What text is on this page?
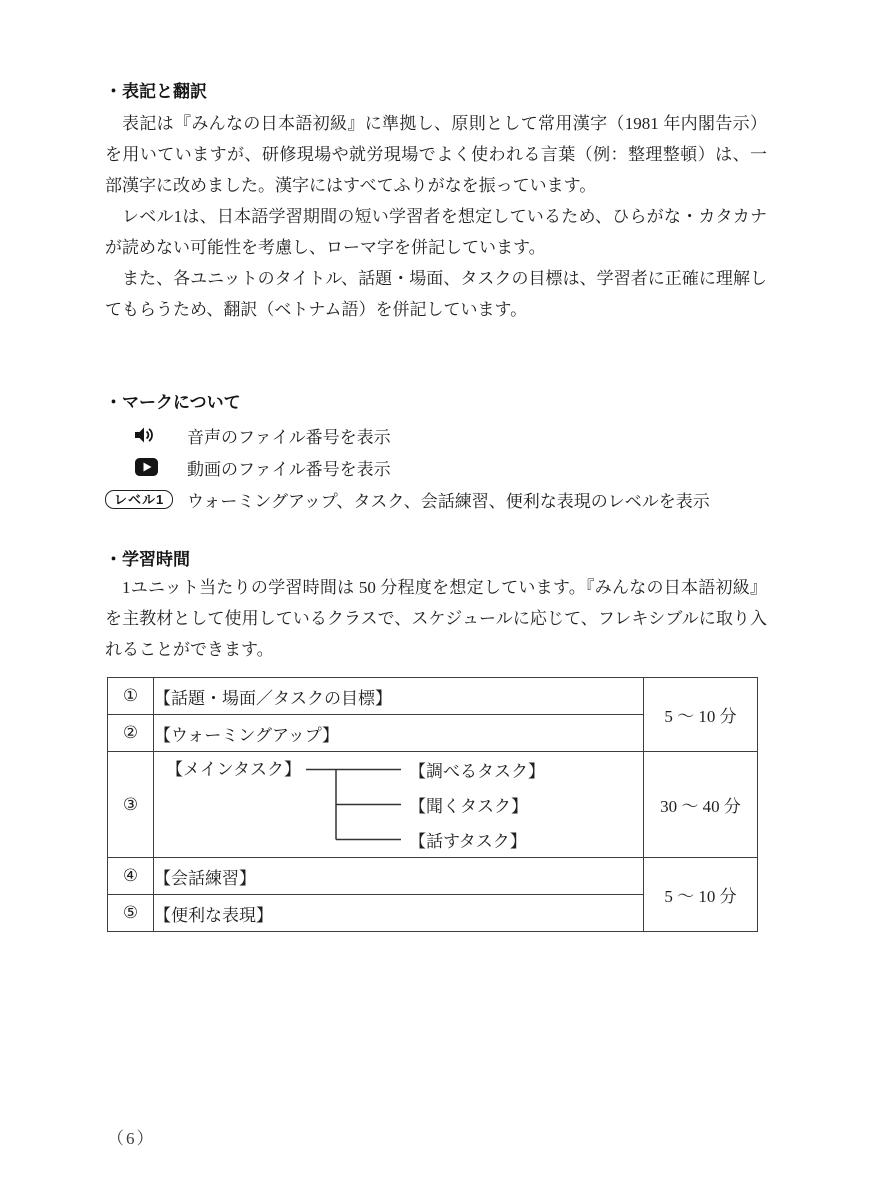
・表記と翻訳

表記は『みんなの日本語初級』に準拠し、原則として常用漢字（1981 年内閣告示）を用いていますが、研修現場や就労現場でよく使われる言葉（例：整理整頓）は、一部漢字に改めました。漢字にはすべてふりがなを振っています。

レベル1は、日本語学習期間の短い学習者を想定しているため、ひらがな・カタカナが読めない可能性を考慮し、ローマ字を併記しています。

また、各ユニットのタイトル、話題・場面、タスクの目標は、学習者に正確に理解してもらうため、翻訳（ベトナム語）を併記しています。

・マークについて
音声のファイル番号を表示
動画のファイル番号を表示
レベル1	ウォーミングアップ、タスク、会話練習、便利な表現のレベルを表示
・学習時間

1ユニット当たりの学習時間は 50 分程度を想定しています。『みんなの日本語初級』を主教材として使用しているクラスで、スケジュールに応じて、フレキシブルに取り入れることができます。

①	【話題・場面／タスクの目標】	5 ～ 10 分
②	【ウォーミングアップ】	
③	【メインタスク】 【調べるタスク】
【聞くタスク】
【話すタスク】	30 ～ 40 分
④	【会話練習】	5 ～ 10 分
⑤	【便利な表現】	
（6）
